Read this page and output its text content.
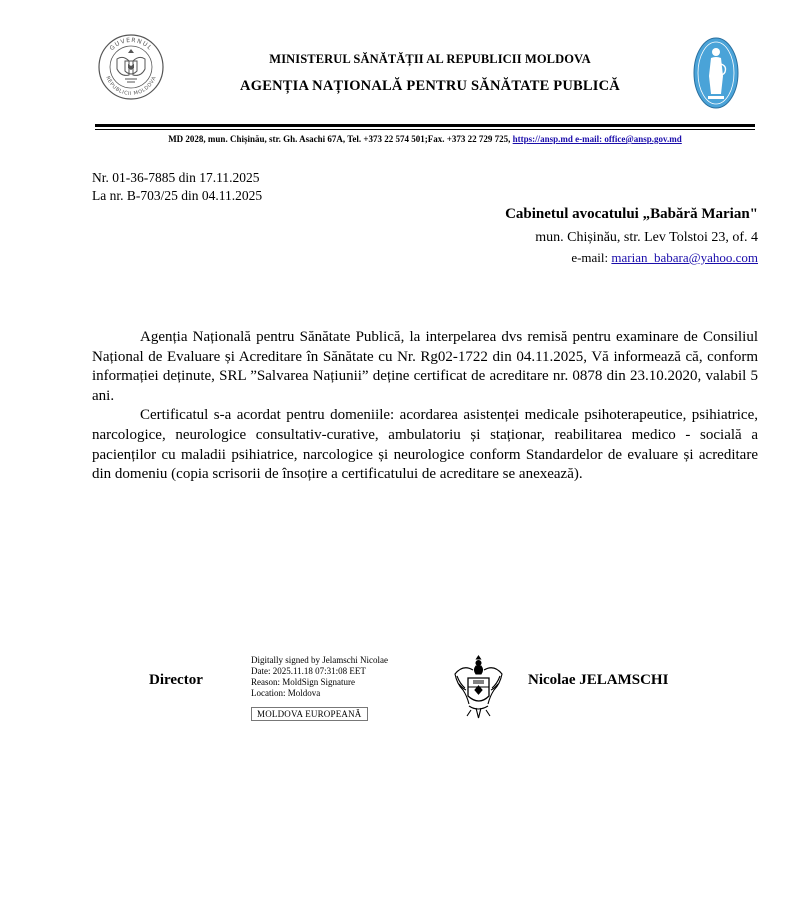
GUVERNUL
REPUBLICII MOLDOVA
MINISTERUL SĂNĂTĂȚII AL REPUBLICII MOLDOVA
AGENȚIA NAȚIONALĂ PENTRU SĂNĂTATE PUBLICĂ
MD 2028, mun. Chișinău, str. Gh. Asachi 67A, Tel. +373 22 574 501;Fax. +373 22 729 725, https://ansp.md e-mail: office@ansp.gov.md
Nr. 01-36-7885 din 17.11.2025
La nr. B-703/25 din 04.11.2025
Cabinetul avocatului „Babără Marian"
mun. Chișinău, str. Lev Tolstoi 23, of. 4
e-mail: marian_babara@yahoo.com

Agenția Națională pentru Sănătate Publică, la interpelarea dvs remisă pentru examinare de Consiliul Național de Evaluare și Acreditare în Sănătate cu Nr. Rg02-1722 din 04.11.2025, Vă informează că, conform informației deținute, SRL ”Salvarea Națiunii” deține certificat de acreditare nr. 0878 din 23.10.2020, valabil 5 ani.

Certificatul s-a acordat pentru domeniile: acordarea asistenței medicale psihoterapeutice, psihiatrice, narcologice, neurologice consultativ-curative, ambulatoriu și staționar, reabilitarea medico - socială a pacienților cu maladii psihiatrice, narcologice și neurologice conform Standardelor de evaluare și acreditare din domeniu (copia scrisorii de însoțire a certificatului de acreditare se anexează).

Director
Digitally signed by Jelamschi Nicolae
Date: 2025.11.18 07:31:08 EET
Reason: MoldSign Signature
Location: Moldova
MOLDOVA EUROPEANĂ
Nicolae JELAMSCHI
